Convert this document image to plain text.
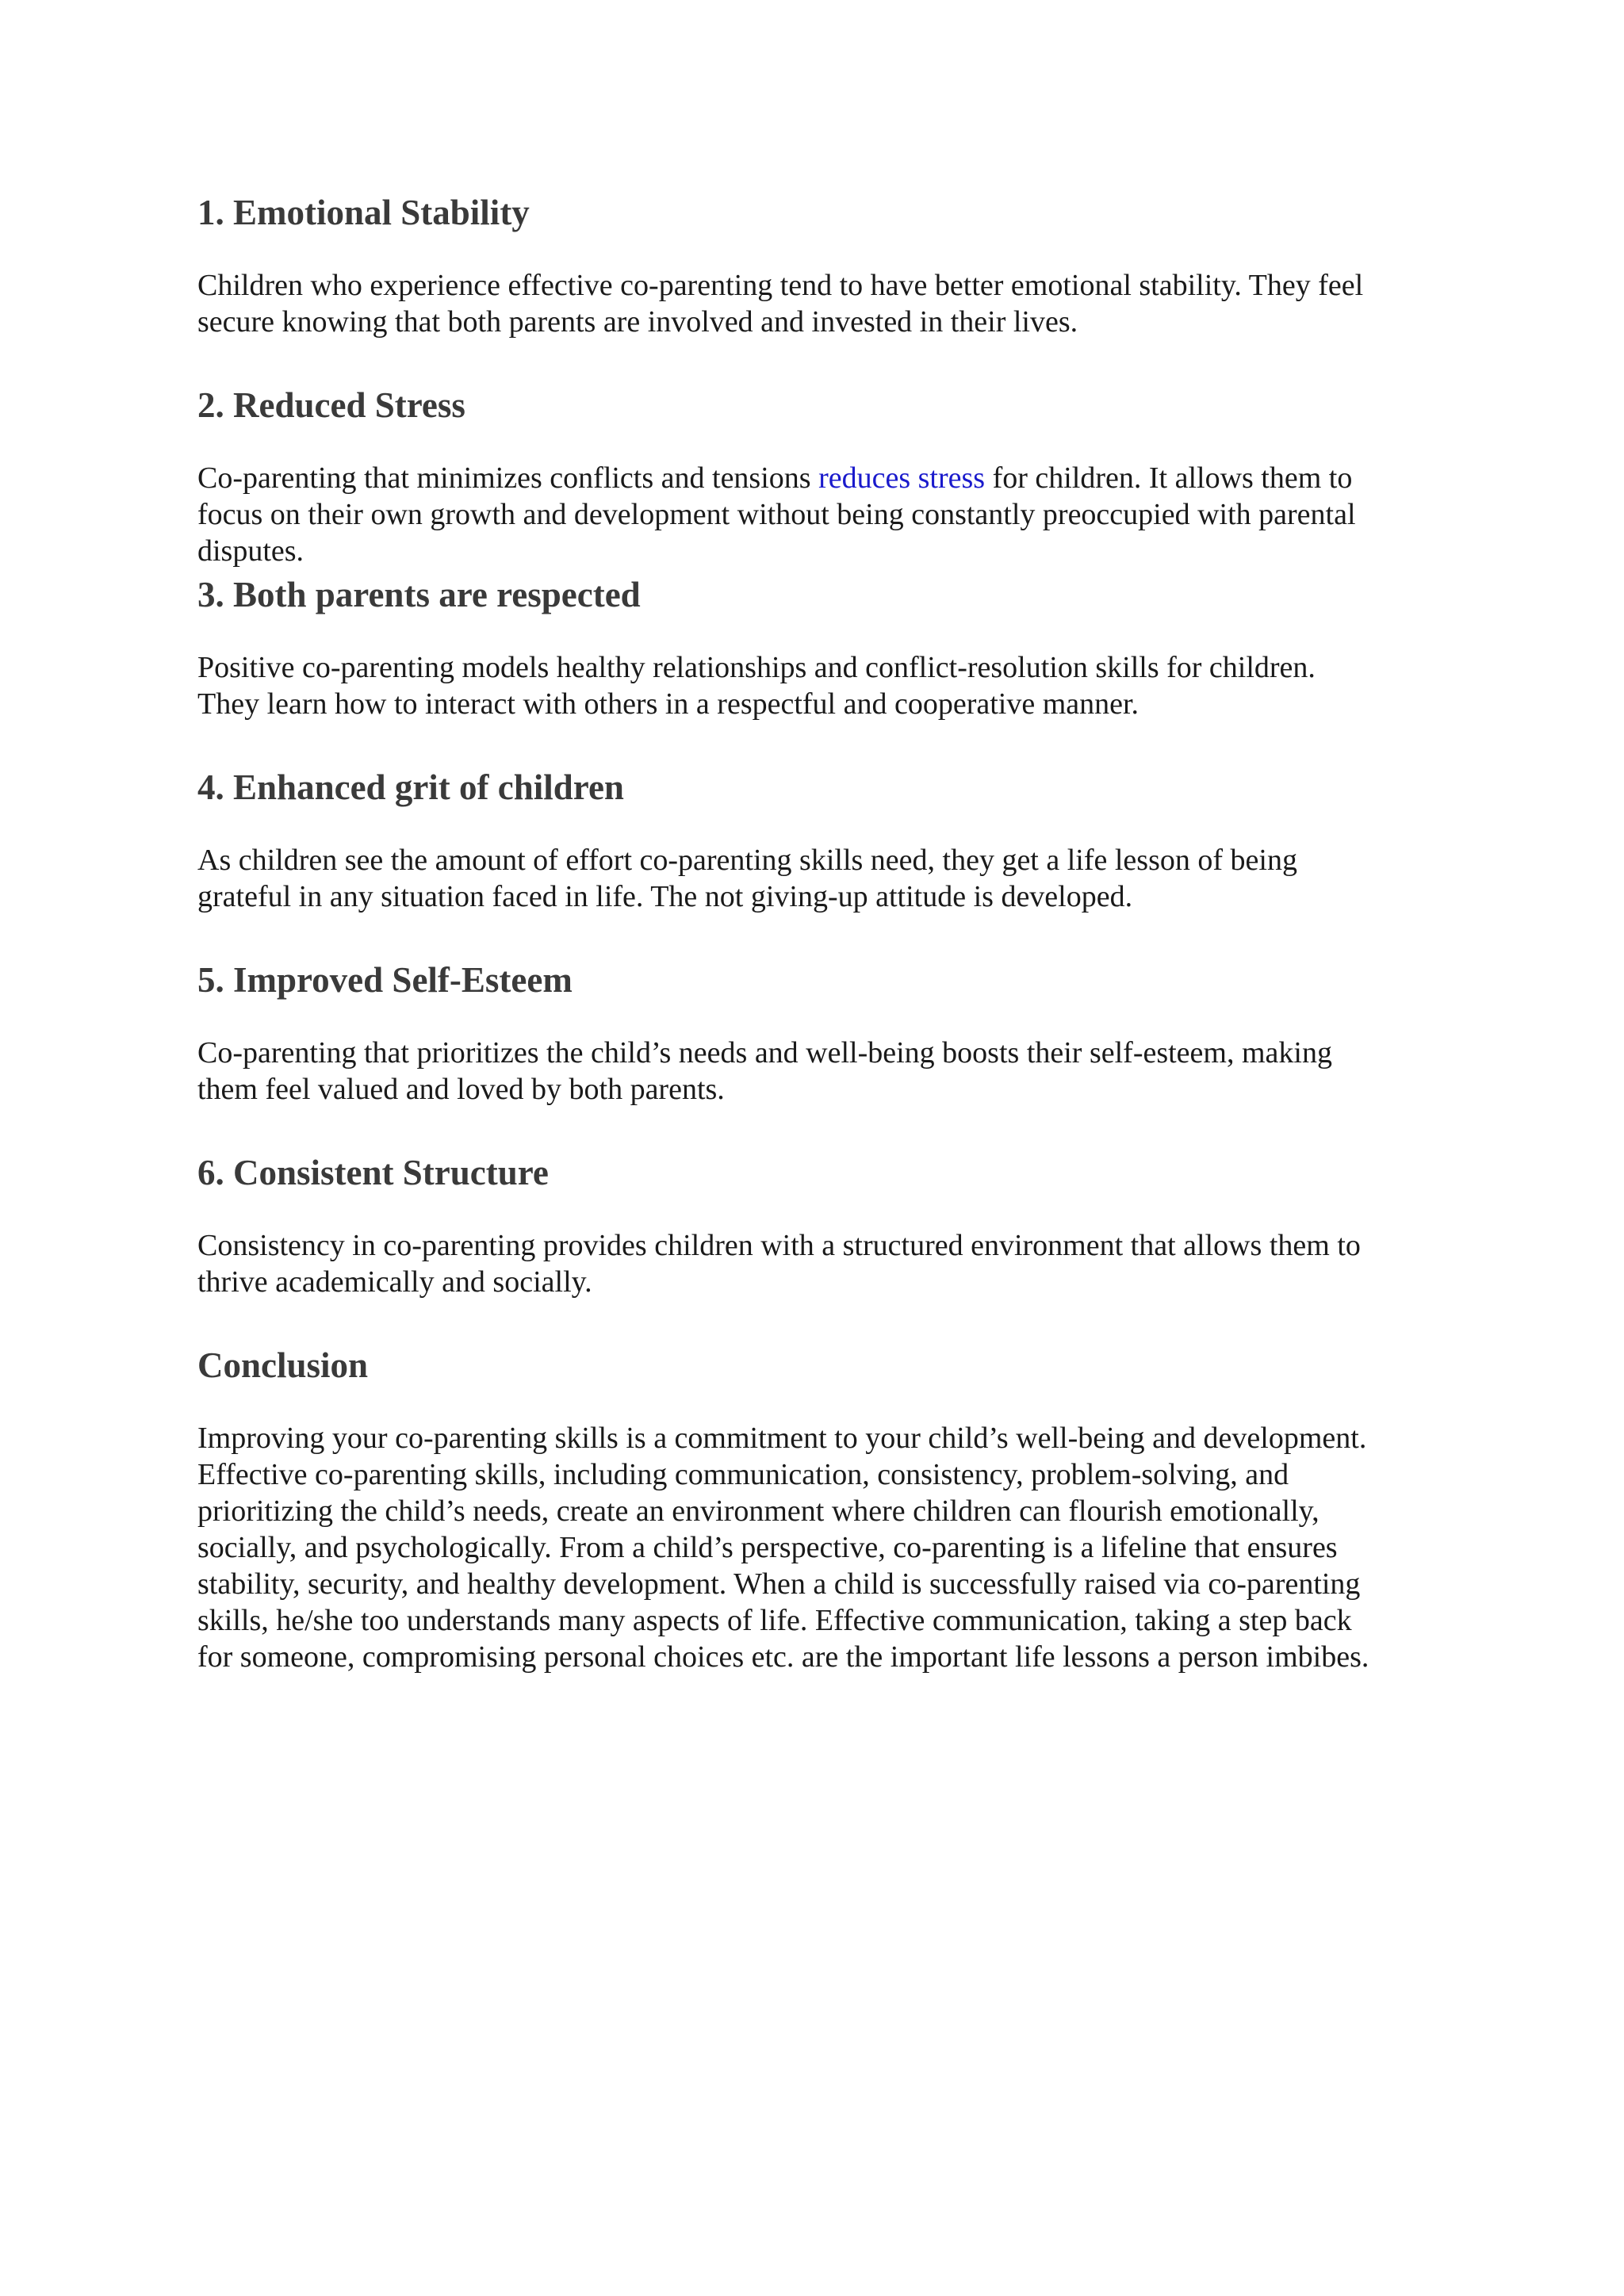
1. Emotional Stability

Children who experience effective co-parenting tend to have better emotional stability. They feel
secure knowing that both parents are involved and invested in their lives.

2. Reduced Stress

Co-parenting that minimizes conflicts and tensions reduces stress for children. It allows them to
focus on their own growth and development without being constantly preoccupied with parental
disputes.

3. Both parents are respected

Positive co-parenting models healthy relationships and conflict-resolution skills for children.
They learn how to interact with others in a respectful and cooperative manner.

4. Enhanced grit of children

As children see the amount of effort co-parenting skills need, they get a life lesson of being
grateful in any situation faced in life. The not giving-up attitude is developed.

5. Improved Self-Esteem

Co-parenting that prioritizes the child’s needs and well-being boosts their self-esteem, making
them feel valued and loved by both parents.

6. Consistent Structure

Consistency in co-parenting provides children with a structured environment that allows them to
thrive academically and socially.

Conclusion

Improving your co-parenting skills is a commitment to your child’s well-being and development.
Effective co-parenting skills, including communication, consistency, problem-solving, and
prioritizing the child’s needs, create an environment where children can flourish emotionally,
socially, and psychologically. From a child’s perspective, co-parenting is a lifeline that ensures
stability, security, and healthy development. When a child is successfully raised via co-parenting
skills, he/she too understands many aspects of life. Effective communication, taking a step back
for someone, compromising personal choices etc. are the important life lessons a person imbibes.
